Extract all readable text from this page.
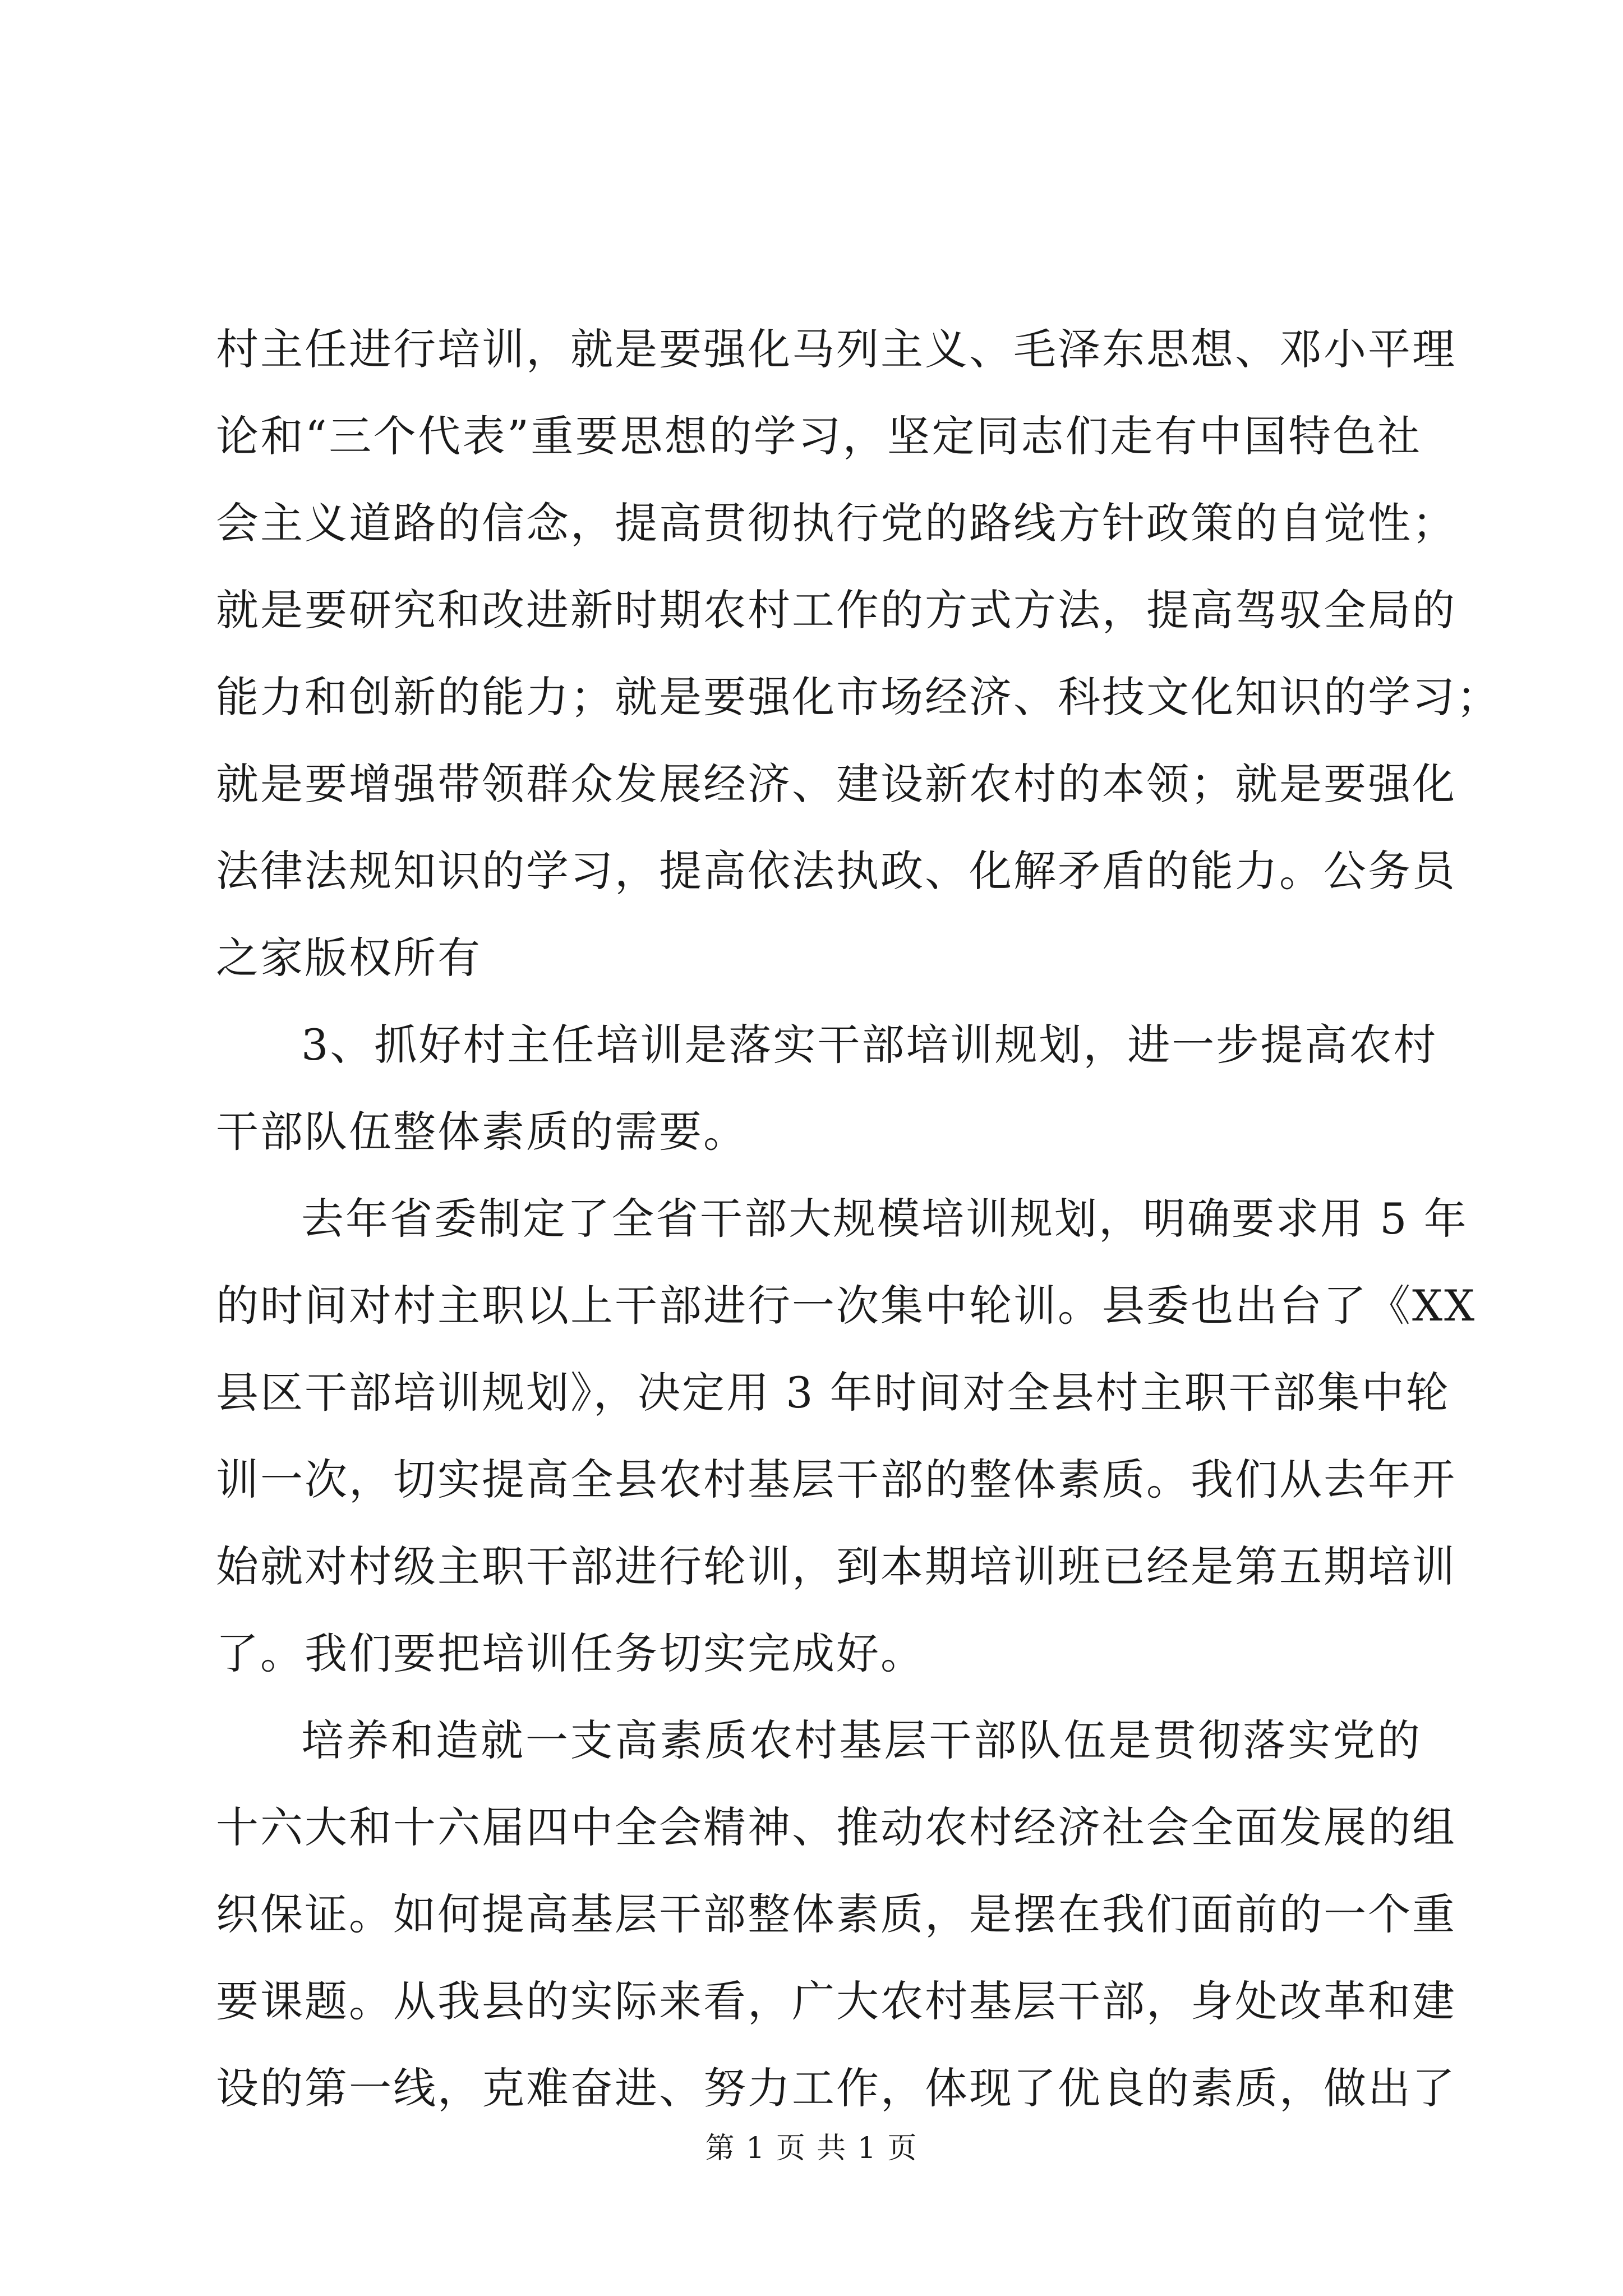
村主任进行培训，就是要强化马列主义、毛泽东思想、邓小平理
论和“三个代表”重要思想的学习，坚定同志们走有中国特色社
会主义道路的信念，提高贯彻执行党的路线方针政策的自觉性；
就是要研究和改进新时期农村工作的方式方法，提高驾驭全局的
能力和创新的能力；就是要强化市场经济、科技文化知识的学习；
就是要增强带领群众发展经济、建设新农村的本领；就是要强化
法律法规知识的学习，提高依法执政、化解矛盾的能力。公务员
之家版权所有
3、抓好村主任培训是落实干部培训规划，进一步提高农村
干部队伍整体素质的需要。
去年省委制定了全省干部大规模培训规划，明确要求用 5 年
的时间对村主职以上干部进行一次集中轮训。县委也出台了《XX
县区干部培训规划》，决定用 3 年时间对全县村主职干部集中轮
训一次，切实提高全县农村基层干部的整体素质。我们从去年开
始就对村级主职干部进行轮训，到本期培训班已经是第五期培训
了。我们要把培训任务切实完成好。
培养和造就一支高素质农村基层干部队伍是贯彻落实党的
十六大和十六届四中全会精神、推动农村经济社会全面发展的组
织保证。如何提高基层干部整体素质，是摆在我们面前的一个重
要课题。从我县的实际来看，广大农村基层干部，身处改革和建
设的第一线，克难奋进、努力工作，体现了优良的素质，做出了
第 1 页 共 1 页
